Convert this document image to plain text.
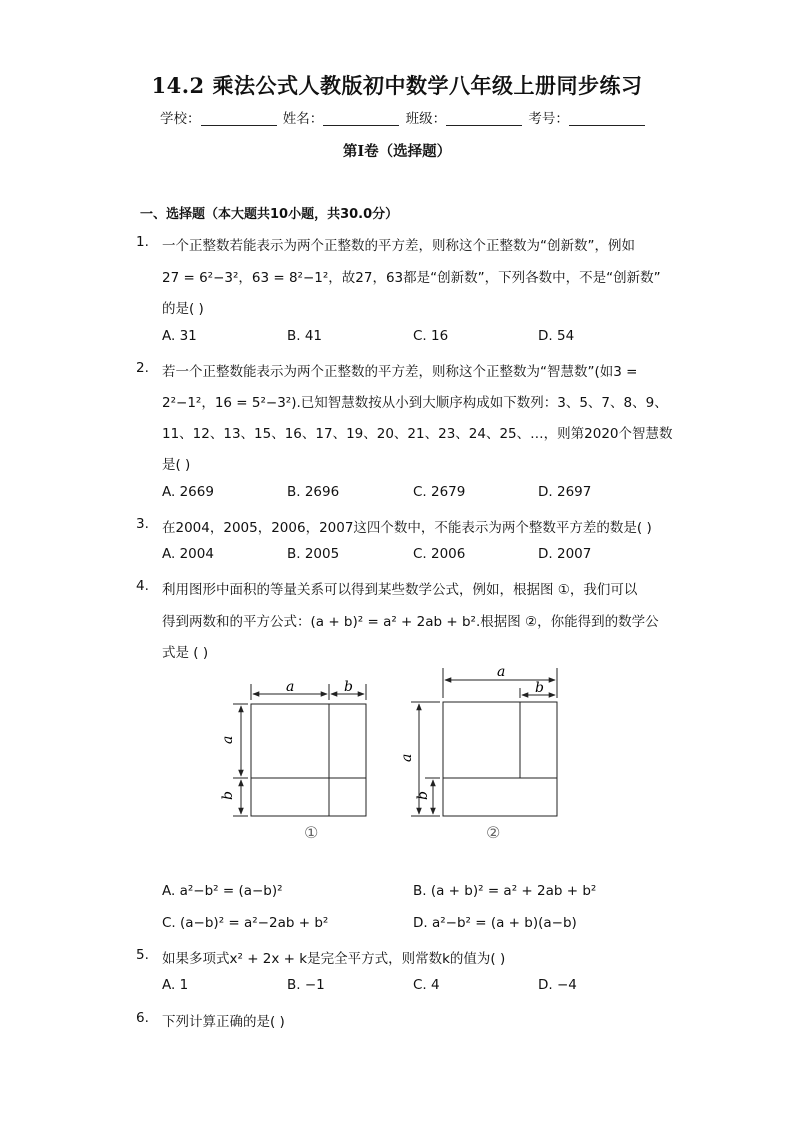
14.2 乘法公式人教版初中数学八年级上册同步练习
学校：	姓名：	班级：	考号：
第I卷（选择题）
一、选择题（本大题共10小题，共30.0分）
1. 一个正整数若能表示为两个正整数的平方差，则称这个正整数为“创新数”，例如
27 = 6²−3²，63 = 8²−1²，故27，63都是“创新数”，下列各数中，不是“创新数”
的是( )
A. 31	B. 41	C. 16	D. 54
2. 若一个正整数能表示为两个正整数的平方差，则称这个正整数为“智慧数”(如3 =
2²−1²，16 = 5²−3²).已知智慧数按从小到大顺序构成如下数列：3、5、7、8、9、
11、12、13、15、16、17、19、20、21、23、24、25、…，则第2020个智慧数
是( )
A. 2669	B. 2696	C. 2679	D. 2697
3. 在2004，2005，2006，2007这四个数中，不能表示为两个整数平方差的数是( )
A. 2004	B. 2005	C. 2006	D. 2007
4. 利用图形中面积的等量关系可以得到某些数学公式，例如，根据图 ①，我们可以
得到两数和的平方公式：(a + b)² = a² + 2ab + b².根据图 ②，你能得到的数学公
式是 ( )
a	b
a
b
a
b
a
b
①	②
A. a²−b² = (a−b)²	B. (a + b)² = a² + 2ab + b²
C. (a−b)² = a²−2ab + b²	D. a²−b² = (a + b)(a−b)
5. 如果多项式x² + 2x + k是完全平方式，则常数k的值为( )
A. 1	B. −1	C. 4	D. −4
6. 下列计算正确的是( )
